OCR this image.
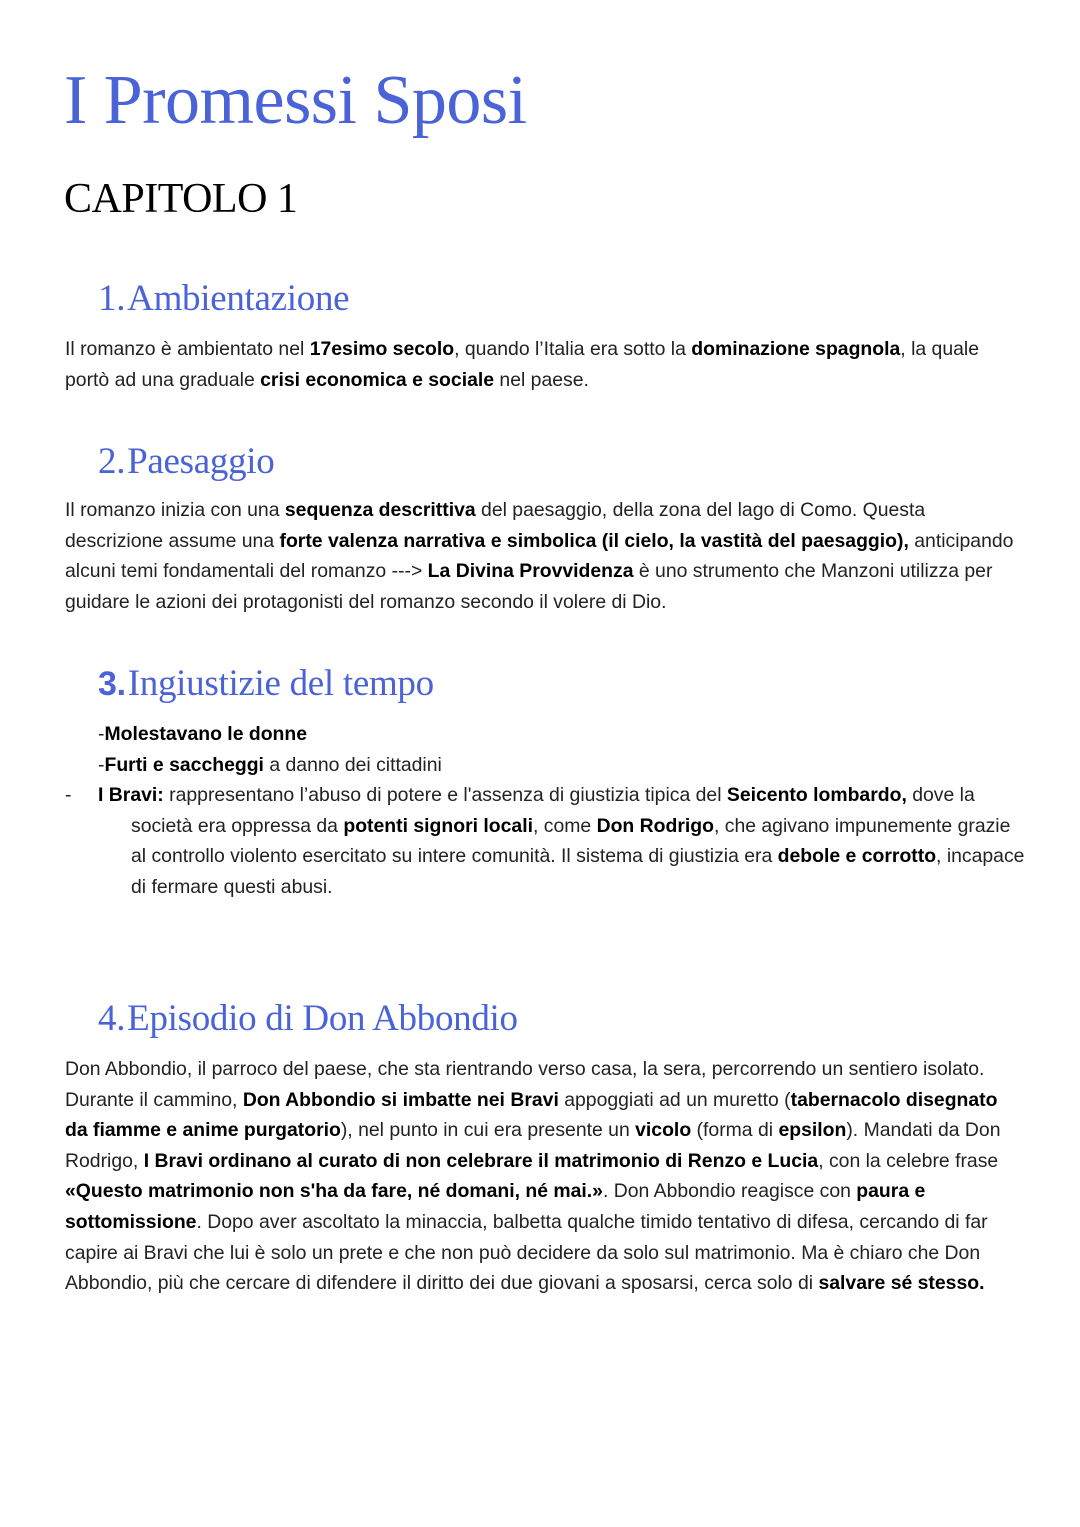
I Promessi Sposi
CAPITOLO 1
1.Ambientazione

Il romanzo è ambientato nel 17esimo secolo, quando l’Italia era sotto la dominazione spagnola, la quale portò ad una graduale crisi economica e sociale nel paese.

2.Paesaggio

Il romanzo inizia con una sequenza descrittiva del paesaggio, della zona del lago di Como. Questa descrizione assume una forte valenza narrativa e simbolica (il cielo, la vastità del paesaggio), anticipando alcuni temi fondamentali del romanzo ---> La Divina Provvidenza è uno strumento che Manzoni utilizza per guidare le azioni dei protagonisti del romanzo secondo il volere di Dio.

3.Ingiustizie del tempo
-Molestavano le donne
-Furti e saccheggi a danno dei cittadini
-I Bravi: rappresentano l’abuso di potere e l'assenza di giustizia tipica del Seicento lombardo, dove la società era oppressa da potenti signori locali, come Don Rodrigo, che agivano impunemente grazie al controllo violento esercitato su intere comunità. Il sistema di giustizia era debole e corrotto, incapace di fermare questi abusi.
4.Episodio di Don Abbondio

Don Abbondio, il parroco del paese, che sta rientrando verso casa, la sera, percorrendo un sentiero isolato. Durante il cammino, Don Abbondio si imbatte nei Bravi appoggiati ad un muretto (tabernacolo disegnato da fiamme e anime purgatorio), nel punto in cui era presente un vicolo (forma di epsilon). Mandati da Don Rodrigo, I Bravi ordinano al curato di non celebrare il matrimonio di Renzo e Lucia, con la celebre frase «Questo matrimonio non s'ha da fare, né domani, né mai.». Don Abbondio reagisce con paura e sottomissione. Dopo aver ascoltato la minaccia, balbetta qualche timido tentativo di difesa, cercando di far capire ai Bravi che lui è solo un prete e che non può decidere da solo sul matrimonio. Ma è chiaro che Don Abbondio, più che cercare di difendere il diritto dei due giovani a sposarsi, cerca solo di salvare sé stesso.
